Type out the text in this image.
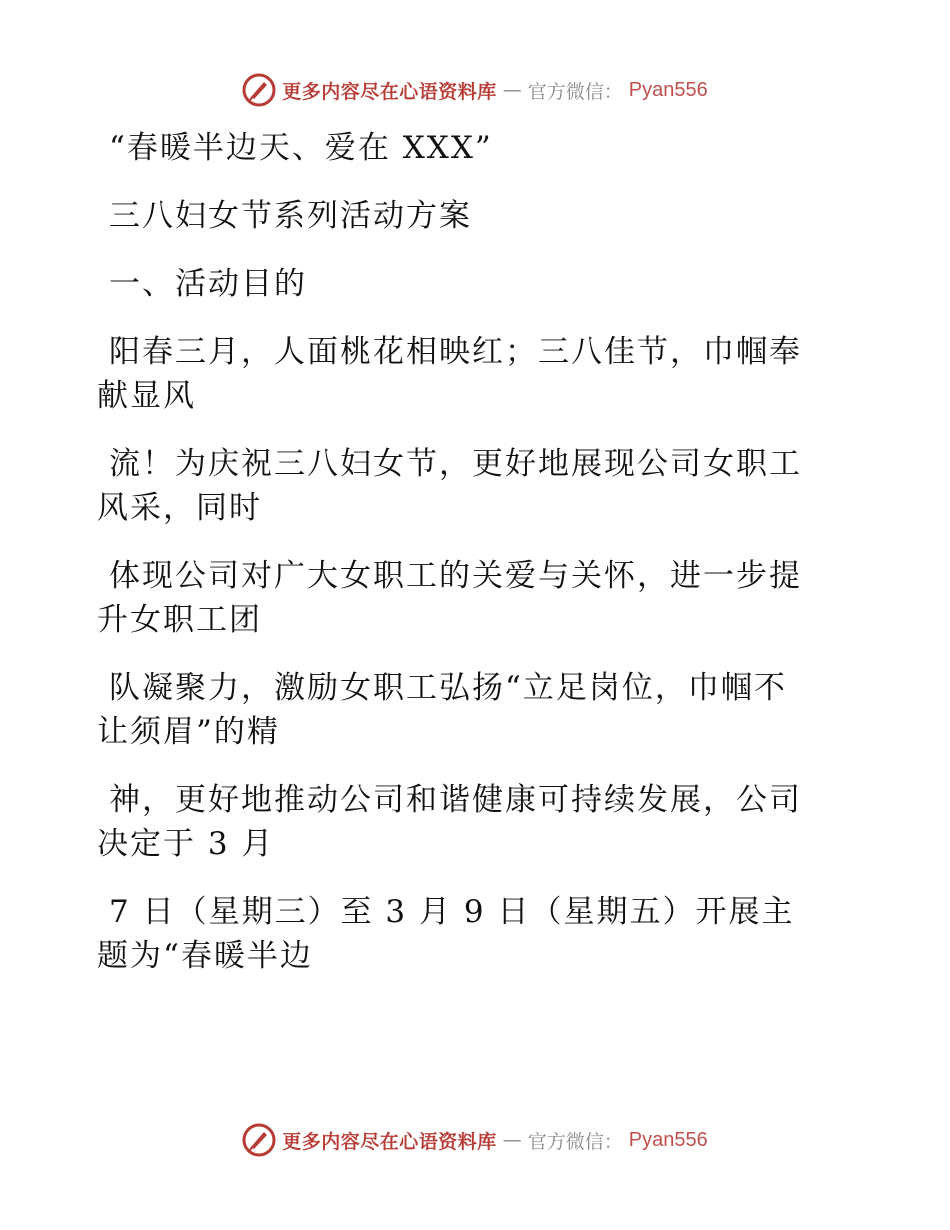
更多内容尽在心语资料库 — 官方微信： Pyan556
“春暖半边天、爱在 XXX”
三八妇女节系列活动方案
一、活动目的
阳春三月，人面桃花相映红；三八佳节，巾帼奉
献显风
流！为庆祝三八妇女节，更好地展现公司女职工
风采，同时
体现公司对广大女职工的关爱与关怀，进一步提
升女职工团
队凝聚力，激励女职工弘扬“立足岗位，巾帼不
让须眉”的精
神，更好地推动公司和谐健康可持续发展，公司
决定于 3 月
7 日（星期三）至 3 月 9 日（星期五）开展主
题为“春暖半边
更多内容尽在心语资料库 — 官方微信： Pyan556
